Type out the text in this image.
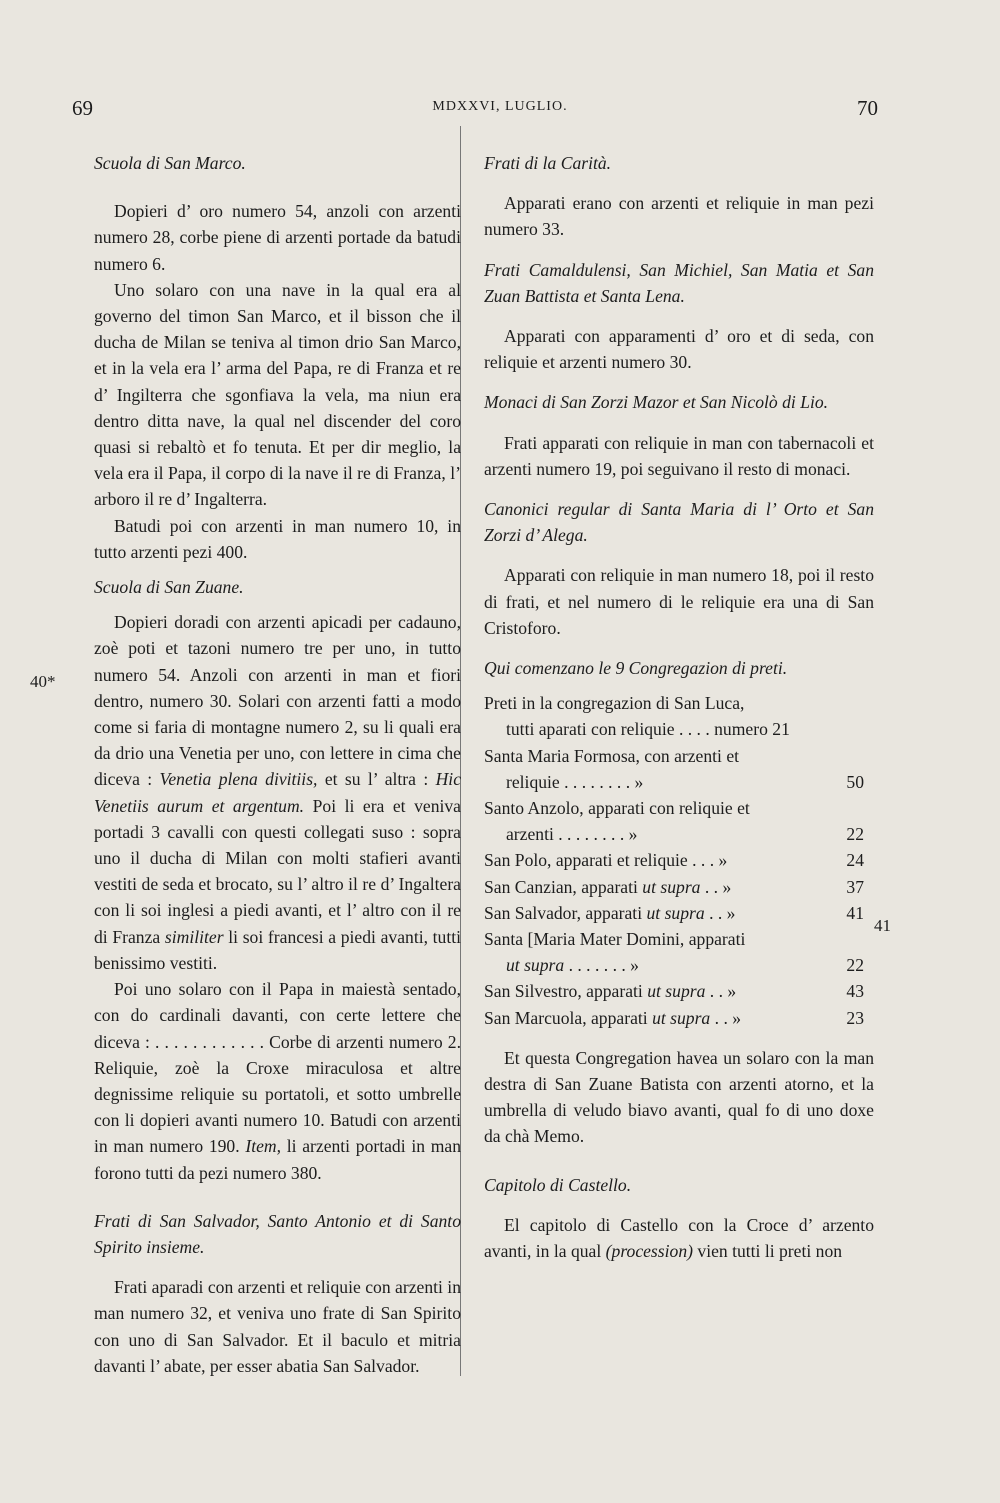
69	MDXXVI, LUGLIO.	70
40*
41

Scuola di San Marco.

Dopieri d’ oro numero 54, anzoli con arzenti numero 28, corbe piene di arzenti portade da batudi numero 6.

Uno solaro con una nave in la qual era al governo del timon San Marco, et il bisson che il ducha de Milan se teniva al timon drio San Marco, et in la vela era l’ arma del Papa, re di Franza et re d’ Ingilterra che sgonfiava la vela, ma niun era dentro ditta nave, la qual nel discender del coro quasi si rebaltò et fo tenuta. Et per dir meglio, la vela era il Papa, il corpo di la nave il re di Franza, l’ arboro il re d’ Ingalterra.

Batudi poi con arzenti in man numero 10, in tutto arzenti pezi 400.

Scuola di San Zuane.

Dopieri doradi con arzenti apicadi per cadauno, zoè poti et tazoni numero tre per uno, in tutto numero 54. Anzoli con arzenti in man et fiori dentro, numero 30. Solari con arzenti fatti a modo come si faria di montagne numero 2, su li quali era da drio una Venetia per uno, con lettere in cima che diceva : Venetia plena divitiis, et su l’ altra : Hic Venetiis aurum et argentum. Poi li era et veniva portadi 3 cavalli con questi collegati suso : sopra uno il ducha di Milan con molti stafieri avanti vestiti de seda et brocato, su l’ altro il re d’ Ingaltera con li soi inglesi a piedi avanti, et l’ altro con il re di Franza similiter li soi francesi a piedi avanti, tutti benissimo vestiti.

Poi uno solaro con il Papa in maiestà sentado, con do cardinali davanti, con certe lettere che diceva : . . . . . . . . . . . . Corbe di arzenti numero 2. Reliquie, zoè la Croxe miraculosa et altre degnissime reliquie su portatoli, et sotto umbrelle con li dopieri avanti numero 10. Batudi con arzenti in man numero 190. Item, li arzenti portadi in man forono tutti da pezi numero 380.

Frati di San Salvador, Santo Antonio et di Santo Spirito insieme.

Frati aparadi con arzenti et reliquie con arzenti in man numero 32, et veniva uno frate di San Spirito con uno di San Salvador. Et il baculo et mitria davanti l’ abate, per esser abatia San Salvador.

Frati di la Carità.

Apparati erano con arzenti et reliquie in man pezi numero 33.

Frati Camaldulensi, San Michiel, San Matia et San Zuan Battista et Santa Lena.

Apparati con apparamenti d’ oro et di seda, con reliquie et arzenti numero 30.

Monaci di San Zorzi Mazor et San Nicolò di Lio.

Frati apparati con reliquie in man con tabernacoli et arzenti numero 19, poi seguivano il resto di monaci.

Canonici regular di Santa Maria di l’ Orto et San Zorzi d’ Alega.

Apparati con reliquie in man numero 18, poi il resto di frati, et nel numero di le reliquie era una di San Cristoforo.

Qui comenzano le 9 Congregazion di preti.

Preti in la congregazion di San Luca,
tutti aparati con reliquie . . . . numero 21
Santa Maria Formosa, con arzenti et
reliquie . . . . . . . . »	50
Santo Anzolo, apparati con reliquie et
arzenti . . . . . . . . »	22
San Polo, apparati et reliquie . . . »	24
San Canzian, apparati ut supra . . »	37
San Salvador, apparati ut supra . . »	41
Santa [Maria Mater Domini, apparati
ut supra . . . . . . . »	22
San Silvestro, apparati ut supra . . »	43
San Marcuola, apparati ut supra . . »	23

Et questa Congregation havea un solaro con la man destra di San Zuane Batista con arzenti atorno, et la umbrella di veludo biavo avanti, qual fo di uno doxe da chà Memo.

Capitolo di Castello.

El capitolo di Castello con la Croce d’ arzento avanti, in la qual (procession) vien tutti li preti non
